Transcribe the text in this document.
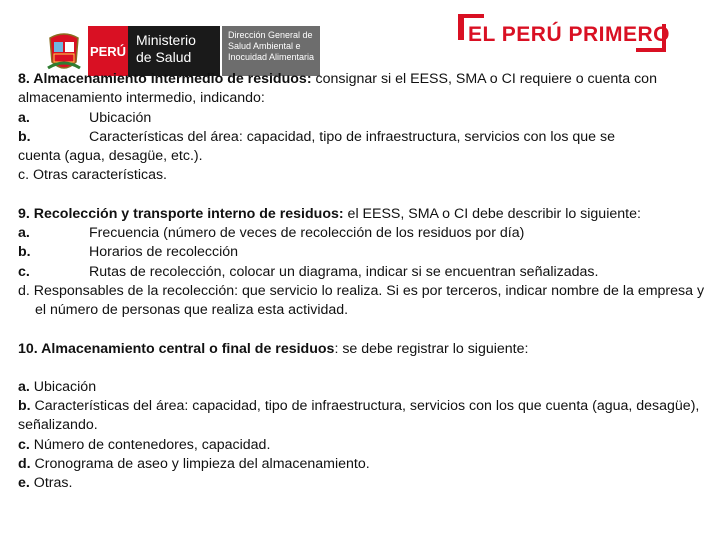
PERÚ
Ministerio
de Salud
Dirección General de
Salud Ambiental e
Inocuidad Alimentaria
EL PERÚ PRIMERO

8. Almacenamiento intermedio de residuos: consignar si el EESS, SMA o CI requiere o cuenta con almacenamiento intermedio, indicando:

a.	Ubicación
b.	Características del área: capacidad, tipo de infraestructura, servicios con los que se

cuenta (agua, desagüe, etc.).

c. Otras características.

9. Recolección y transporte interno de residuos: el EESS, SMA o CI debe describir lo siguiente:

a.	Frecuencia (número de veces de recolección de los residuos por día)
b.	Horarios de recolección
c.	Rutas de recolección, colocar un diagrama, indicar si se encuentran señalizadas.

d. Responsables de la recolección: que servicio lo realiza. Si es por terceros, indicar nombre de la empresa y el número de personas que realiza esta actividad.

10. Almacenamiento central o final de residuos: se debe registrar lo siguiente:

a. Ubicación

b. Características del área: capacidad, tipo de infraestructura, servicios con los que cuenta (agua, desagüe), señalizando.

c. Número de contenedores, capacidad.

d. Cronograma de aseo y limpieza del almacenamiento.

e. Otras.
